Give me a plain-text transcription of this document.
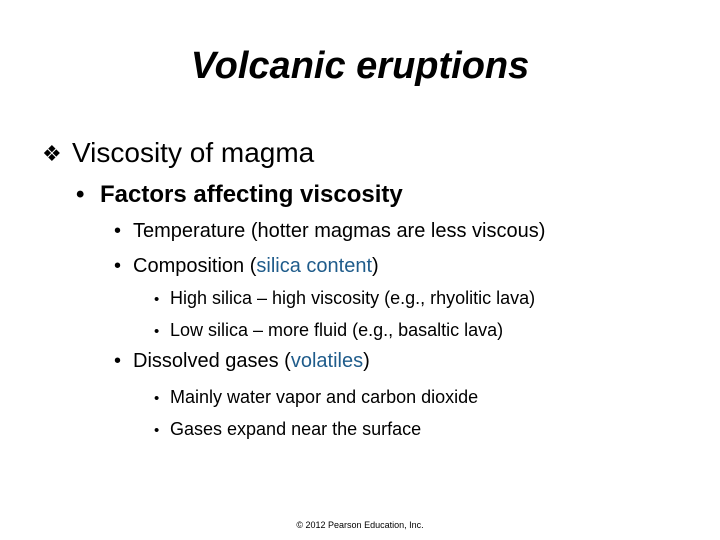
Volcanic eruptions
❖ Viscosity of magma
• Factors affecting viscosity
• Temperature (hotter magmas are less viscous)
• Composition (silica content)
• High silica – high viscosity (e.g., rhyolitic lava)
• Low silica – more fluid (e.g., basaltic lava)
• Dissolved gases (volatiles)
• Mainly water vapor and carbon dioxide
• Gases expand near the surface
© 2012 Pearson Education, Inc.
